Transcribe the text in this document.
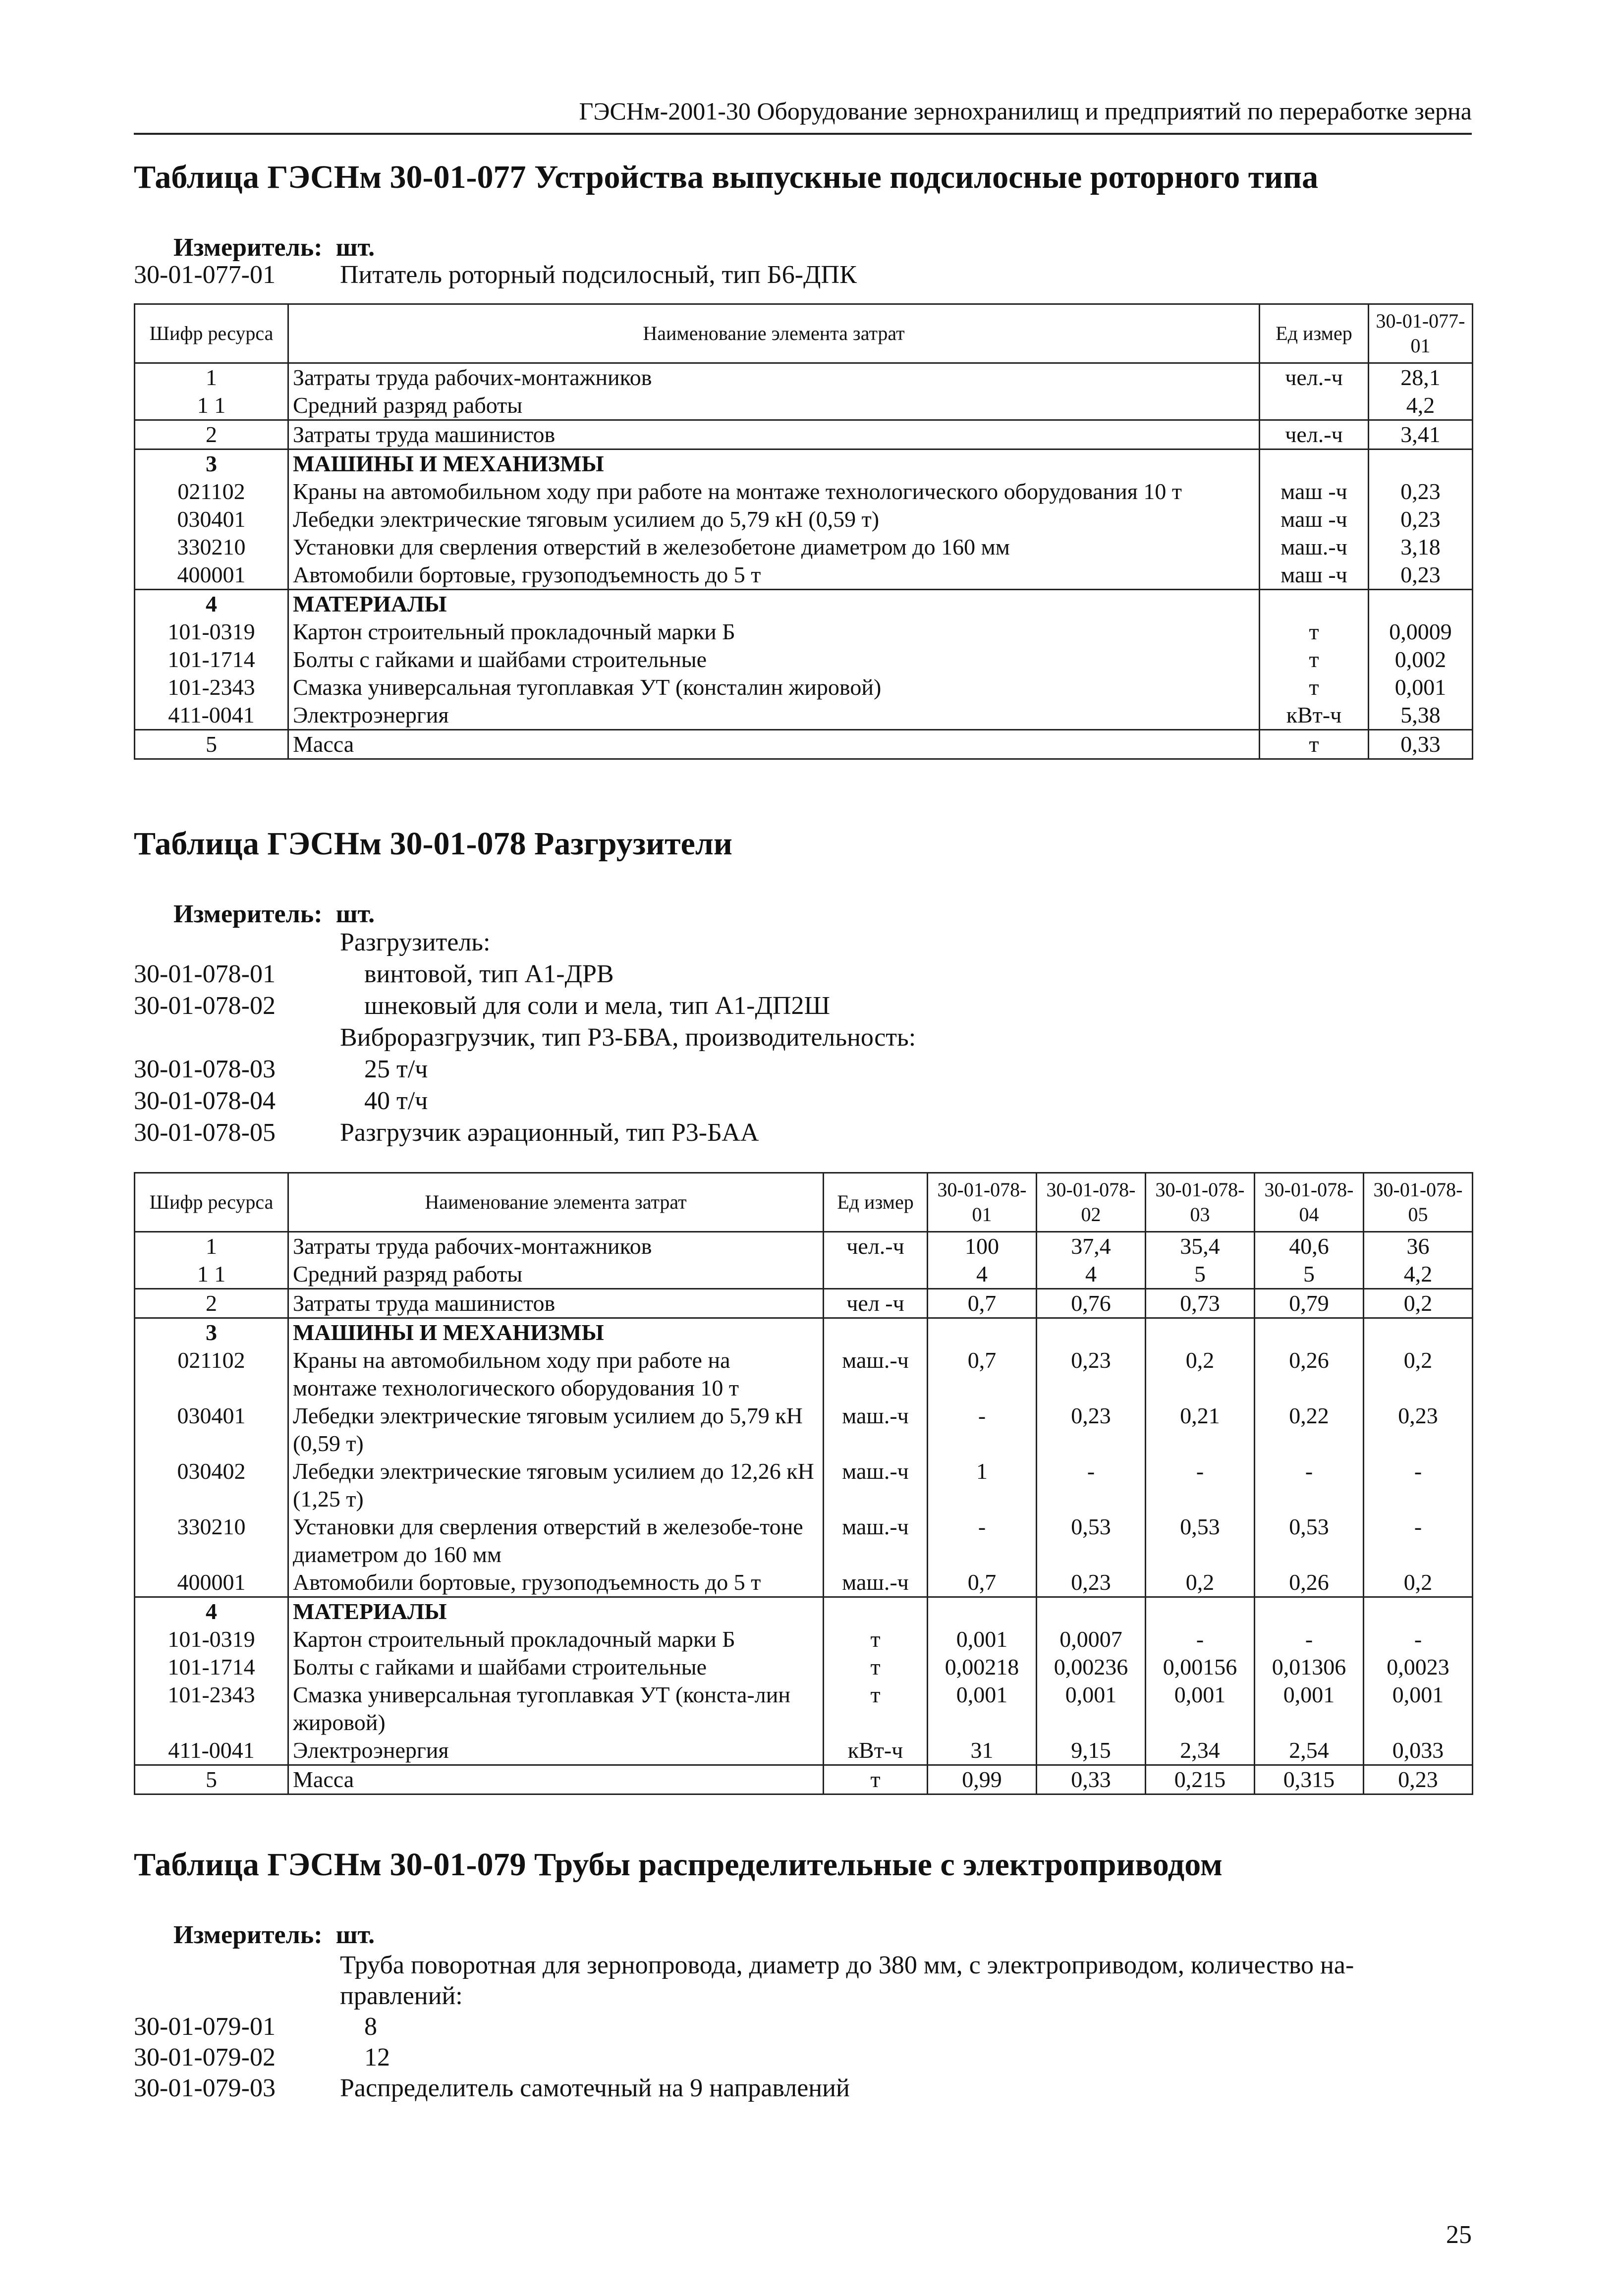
ГЭСНм-2001-30 Оборудование зернохранилищ и предприятий по переработке зерна
Таблица ГЭСНм 30-01-077 Устройства выпускные подсилосные роторного типа
Измеритель: шт.
30-01-077-01	Питатель роторный подсилосный, тип Б6-ДПК
Шифр ресурса	Наименование элемента затрат	Ед измер	30-01-077-01
1	Затраты труда рабочих-монтажников	чел.-ч	28,1
1 1	Средний разряд работы		4,2
2	Затраты труда машинистов	чел.-ч	3,41
3	МАШИНЫ И МЕХАНИЗМЫ		
021102	Краны на автомобильном ходу при работе на монтаже технологического оборудования 10 т	маш -ч	0,23
030401	Лебедки электрические тяговым усилием до 5,79 кН (0,59 т)	маш -ч	0,23
330210	Установки для сверления отверстий в железобетоне диаметром до 160 мм	маш.-ч	3,18
400001	Автомобили бортовые, грузоподъемность до 5 т	маш -ч	0,23
4	МАТЕРИАЛЫ		
101-0319	Картон строительный прокладочный марки Б	т	0,0009
101-1714	Болты с гайками и шайбами строительные	т	0,002
101-2343	Смазка универсальная тугоплавкая УТ (консталин жировой)	т	0,001
411-0041	Электроэнергия	кВт-ч	5,38
5	Масса	т	0,33
Таблица ГЭСНм 30-01-078 Разгрузители
Измеритель: шт.
Разгрузитель:
30-01-078-01	винтовой, тип А1-ДРВ
30-01-078-02	шнековый для соли и мела, тип А1-ДП2Ш
Виброразгрузчик, тип Р3-БВА, производительность:
30-01-078-03	25 т/ч
30-01-078-04	40 т/ч
30-01-078-05	Разгрузчик аэрационный, тип Р3-БАА
Шифр ресурса	Наименование элемента затрат	Ед измер	30-01-078-01	30-01-078-02	30-01-078-03	30-01-078-04	30-01-078-05
1	Затраты труда рабочих-монтажников	чел.-ч	100	37,4	35,4	40,6	36
1 1	Средний разряд работы		4	4	5	5	4,2
2	Затраты труда машинистов	чел -ч	0,7	0,76	0,73	0,79	0,2
3	МАШИНЫ И МЕХАНИЗМЫ						
021102	Краны на автомобильном ходу при работе на монтаже технологического оборудования 10 т	маш.-ч	0,7	0,23	0,2	0,26	0,2
030401	Лебедки электрические тяговым усилием до 5,79 кН (0,59 т)	маш.-ч	-	0,23	0,21	0,22	0,23
030402	Лебедки электрические тяговым усилием до 12,26 кН (1,25 т)	маш.-ч	1	-	-	-	-
330210	Установки для сверления отверстий в железобе-тоне диаметром до 160 мм	маш.-ч	-	0,53	0,53	0,53	-
400001	Автомобили бортовые, грузоподъемность до 5 т	маш.-ч	0,7	0,23	0,2	0,26	0,2
4	МАТЕРИАЛЫ						
101-0319	Картон строительный прокладочный марки Б	т	0,001	0,0007	-	-	-
101-1714	Болты с гайками и шайбами строительные	т	0,00218	0,00236	0,00156	0,01306	0,0023
101-2343	Смазка универсальная тугоплавкая УТ (конста-лин жировой)	т	0,001	0,001	0,001	0,001	0,001
411-0041	Электроэнергия	кВт-ч	31	9,15	2,34	2,54	0,033
5	Масса	т	0,99	0,33	0,215	0,315	0,23
Таблица ГЭСНм 30-01-079 Трубы распределительные с электроприводом
Измеритель: шт.
Труба поворотная для зернопровода, диаметр до 380 мм, с электроприводом, количество на-правлений:
30-01-079-01	8
30-01-079-02	12
30-01-079-03	Распределитель самотечный на 9 направлений
25
